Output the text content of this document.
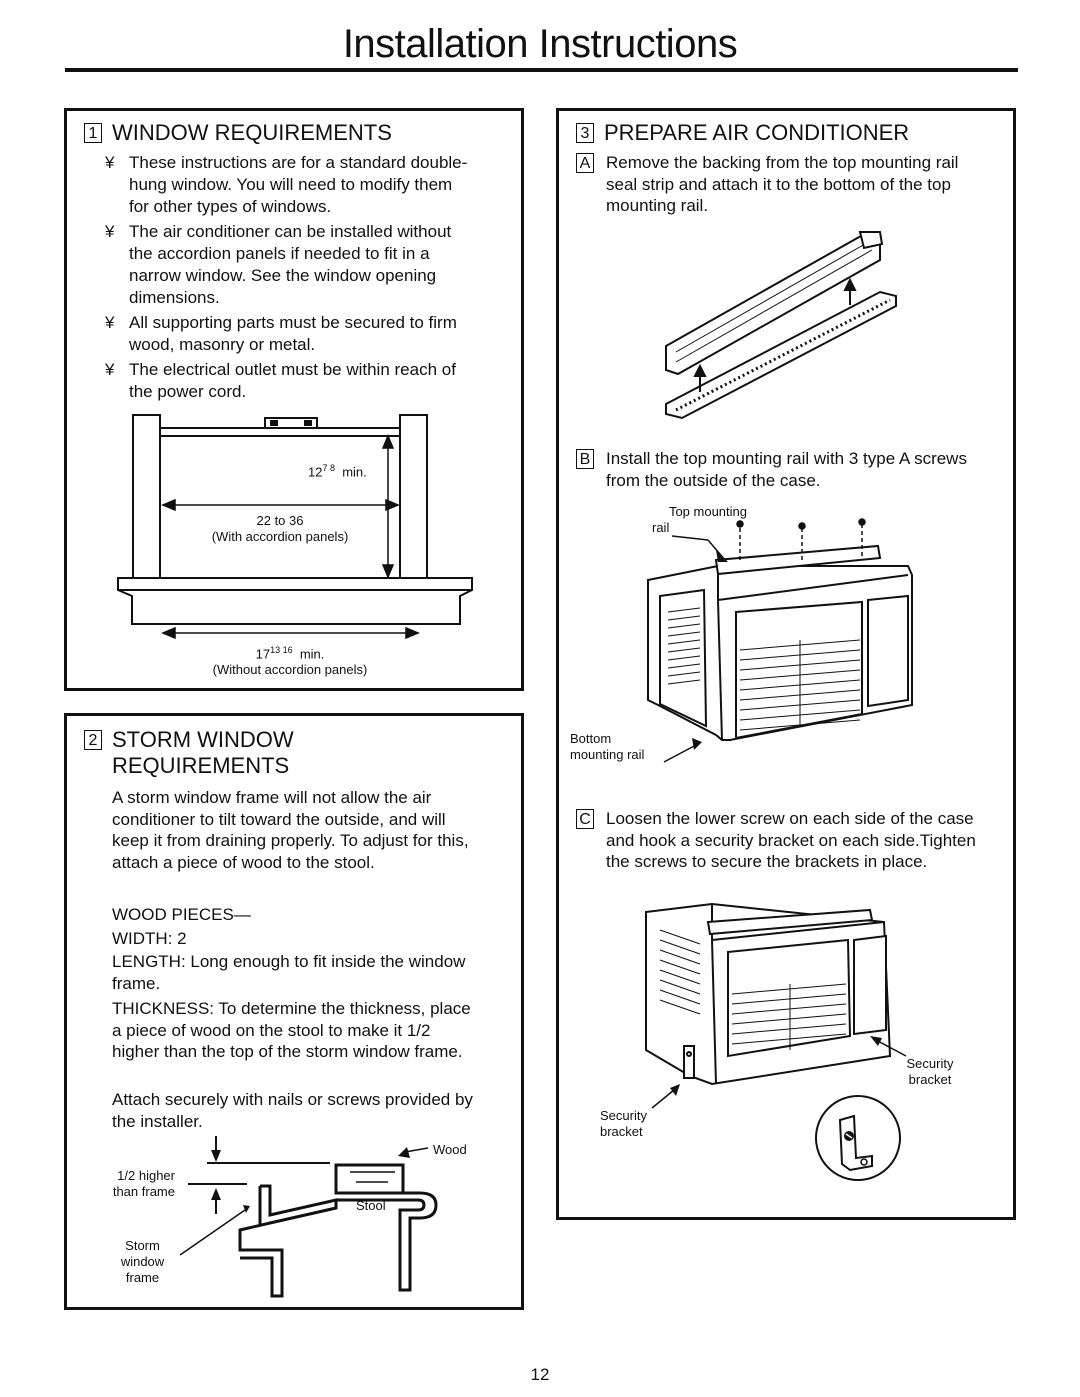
Installation Instructions
1 WINDOW REQUIREMENTS
¥ These instructions are for a standard double-hung window. You will need to modify them for other types of windows.
¥ The air conditioner can be installed without the accordion panels if needed to fit in a narrow window. See the window opening dimensions.
¥ All supporting parts must be secured to firm wood, masonry or metal.
¥ The electrical outlet must be within reach of the power cord.
$12^{7 8}$ min.
22 to 36
(With accordion panels)
$17^{13 16}$ min.
(Without accordion panels)
2 STORM WINDOW
REQUIREMENTS
A storm window frame will not allow the air conditioner to tilt toward the outside, and will keep it from draining properly. To adjust for this, attach a piece of wood to the stool.
WOOD PIECES—
WIDTH: 2
LENGTH: Long enough to fit inside the window frame.
THICKNESS: To determine the thickness, place a piece of wood on the stool to make it 1/2 higher than the top of the storm window frame.
Attach securely with nails or screws provided by the installer.
Wood
Stool
1/2 higher
than frame
Storm
window
frame
3 PREPARE AIR CONDITIONER
A Remove the backing from the top mounting rail seal strip and attach it to the bottom of the top mounting rail.
B Install the top mounting rail with 3 type A screws from the outside of the case.
Top mounting
rail
Bottom
mounting rail
C Loosen the lower screw on each side of the case and hook a security bracket on each side.Tighten the screws to secure the brackets in place.
Security
bracket
Security
bracket
12
